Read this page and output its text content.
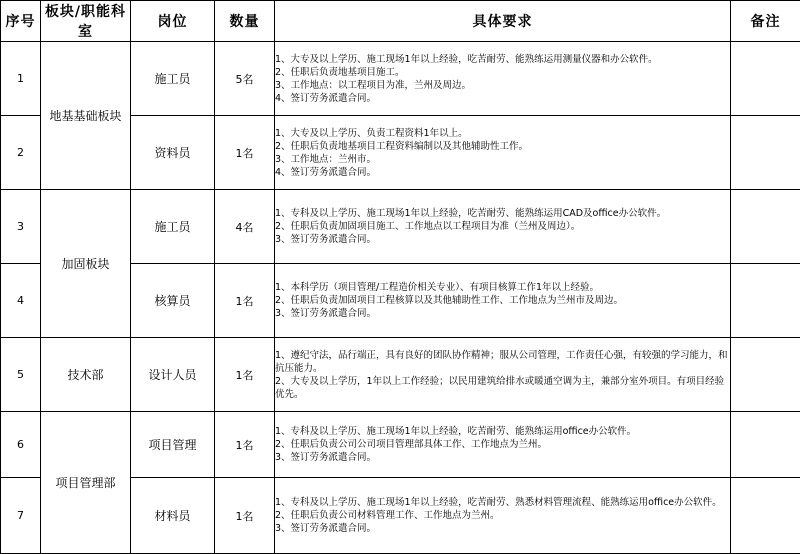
序号	板块/职能科室	岗位	数量	具体要求	备注
1	地基基础板块	施工员	5名	1、大专及以上学历、施工现场1年以上经验，吃苦耐劳、能熟练运用测量仪器和办公软件。
2、任职后负责地基项目施工。
3、工作地点：以工程项目为准，兰州及周边。
4、签订劳务派遣合同。	

2		资料员	1名	1、大专及以上学历、负责工程资料1年以上。
2、任职后负责地基项目工程资料编制以及其他辅助性工作。
3、工作地点：兰州市。
4、签订劳务派遣合同。	

3	加固板块	施工员	4名	1、专科及以上学历、施工现场1年以上经验，吃苦耐劳、能熟练运用CAD及office办公软件。
2、任职后负责加固项目施工、工作地点以工程项目为准（兰州及周边）。
3、签订劳务派遣合同。	

4		核算员	1名	1、本科学历（项目管理/工程造价相关专业）、有项目核算工作1年以上经验。
2、任职后负责加固项目工程核算以及其他辅助性工作、工作地点为兰州市及周边。
3、签订劳务派遣合同。	

5	技术部	设计人员	1名	1、遵纪守法，品行端正，具有良好的团队协作精神；服从公司管理，工作责任心强，有较强的学习能力，和抗压能力。
2、大专及以上学历，1年以上工作经验；以民用建筑给排水或暖通空调为主，兼部分室外项目。有项目经验优先。	

6	项目管理部	项目管理	1名	1、专科及以上学历、施工现场1年以上经验，吃苦耐劳、能熟练运用office办公软件。
2、任职后负责公司公司项目管理部具体工作、工作地点为兰州。
3、签订劳务派遣合同。	

7		材料员	1名	1、专科及以上学历、施工现场1年以上经验，吃苦耐劳、熟悉材料管理流程、能熟练运用office办公软件。
2、任职后负责公司材料管理工作、工作地点为兰州。
3、签订劳务派遣合同。	
